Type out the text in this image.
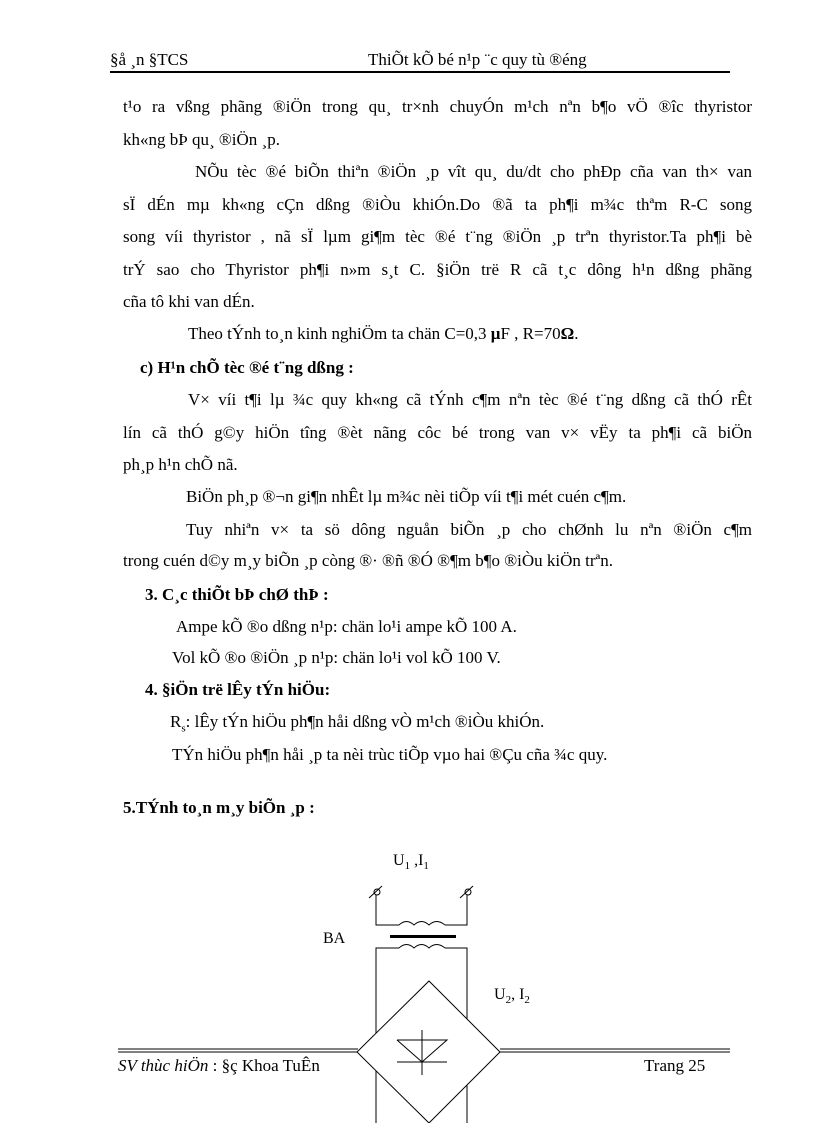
§å ¸n §TCS	ThiÕt kÕ bé n¹p ¨c quy tù ®éng
t¹o ra vßng phãng ®iÖn trong qu¸ tr×nh chuyÓn m¹ch nªn b¶o vÖ ®îc thyristor
kh«ng bÞ qu¸ ®iÖn ¸p.
NÕu tèc ®é biÕn thiªn ®iÖn ¸p vît qu¸ du/dt cho phÐp cña van th× van
sÏ dÉn mµ kh«ng cÇn dßng ®iÒu khiÓn.Do ®ã ta ph¶i m¾c thªm R-C song
song víi thyristor , nã sÏ lµm gi¶m tèc ®é t¨ng ®iÖn ¸p trªn thyristor.Ta ph¶i bè
trÝ sao cho Thyristor ph¶i n»m s¸t C. §iÖn trë R cã t¸c dông h¹n dßng phãng
cña tô khi van dÉn.
Theo tÝnh to¸n kinh nghiÖm ta chän C=0,3 μF , R=70Ω.
c) H¹n chÕ tèc ®é t¨ng dßng :
V× víi t¶i lµ ¾c quy kh«ng cã tÝnh c¶m nªn tèc ®é t¨ng dßng cã thÓ rÊt
lín cã thÓ g©y hiÖn tîng ®èt nãng côc bé trong van v× vËy ta ph¶i cã biÖn
ph¸p h¹n chÕ nã.
BiÖn ph¸p ®¬n gi¶n nhÊt lµ m¾c nèi tiÕp víi t¶i mét cuén c¶m.
Tuy nhiªn v× ta sö dông nguån biÕn ¸p cho chØnh lu nªn ®iÖn c¶m
trong cuén d©y m¸y biÕn ¸p còng ®· ®ñ ®Ó ®¶m b¶o ®iÒu kiÖn trªn.
3. C¸c thiÕt bÞ chØ thÞ :
Ampe kÕ ®o dßng n¹p: chän lo¹i ampe kÕ 100 A.
Vol kÕ ®o ®iÖn ¸p n¹p: chän lo¹i vol kÕ 100 V.
4. §iÖn trë lÊy tÝn hiÖu:
$R_s$: lÊy tÝn hiÖu ph¶n håi dßng vÒ m¹ch ®iÒu khiÓn.
TÝn hiÖu ph¶n håi ¸p ta nèi trùc tiÕp vµo hai ®Çu cña ¾c quy.
5.TÝnh to¸n m¸y biÕn ¸p :
$U_1$ $,I_1$
BA
$U_2$, $I_2$
SV thùc hiÖn : §ç Khoa TuÊn	Trang 25
